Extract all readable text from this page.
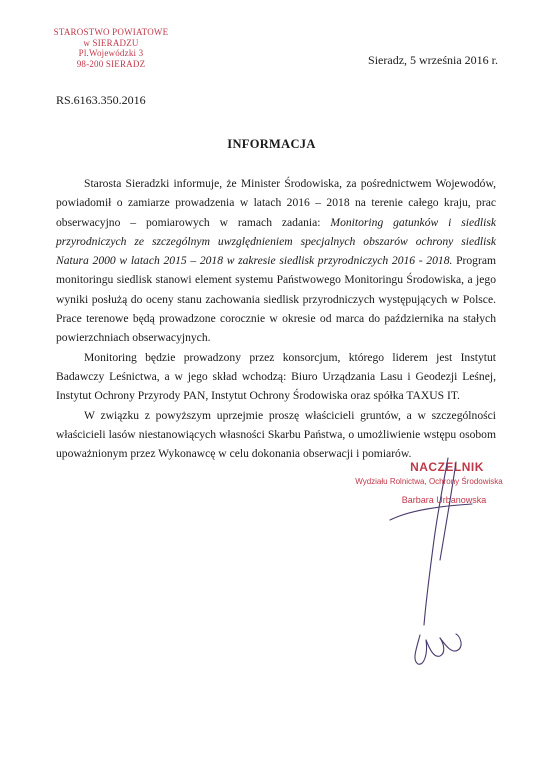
STAROSTWO POWIATOWE
w SIERADZU
Pl.Wojewódzki 3
98-200 SIERADZ	Sieradz, 5 września 2016 r.
RS.6163.350.2016
INFORMACJA

Starosta Sieradzki informuje, że Minister Środowiska, za pośrednictwem Wojewodów, powiadomił o zamiarze prowadzenia w latach 2016 – 2018 na terenie całego kraju, prac obserwacyjno – pomiarowych w ramach zadania: Monitoring gatunków i siedlisk przyrodniczych ze szczególnym uwzględnieniem specjalnych obszarów ochrony siedlisk Natura 2000 w latach 2015 – 2018 w zakresie siedlisk przyrodniczych 2016 - 2018. Program monitoringu siedlisk stanowi element systemu Państwowego Monitoringu Środowiska, a jego wyniki posłużą do oceny stanu zachowania siedlisk przyrodniczych występujących w Polsce. Prace terenowe będą prowadzone corocznie w okresie od marca do października na stałych powierzchniach obserwacyjnych.

Monitoring będzie prowadzony przez konsorcjum, którego liderem jest Instytut Badawczy Leśnictwa, a w jego skład wchodzą: Biuro Urządzania Lasu i Geodezji Leśnej, Instytut Ochrony Przyrody PAN, Instytut Ochrony Środowiska oraz spółka TAXUS IT.

W związku z powyższym uprzejmie proszę właścicieli gruntów, a w szczególności właścicieli lasów niestanowiących własności Skarbu Państwa, o umożliwienie wstępu osobom upoważnionym przez Wykonawcę w celu dokonania obserwacji i pomiarów.

NACZELNIK
Wydziału Rolnictwa, Ochrony Środowiska
Barbara Urbanowska
